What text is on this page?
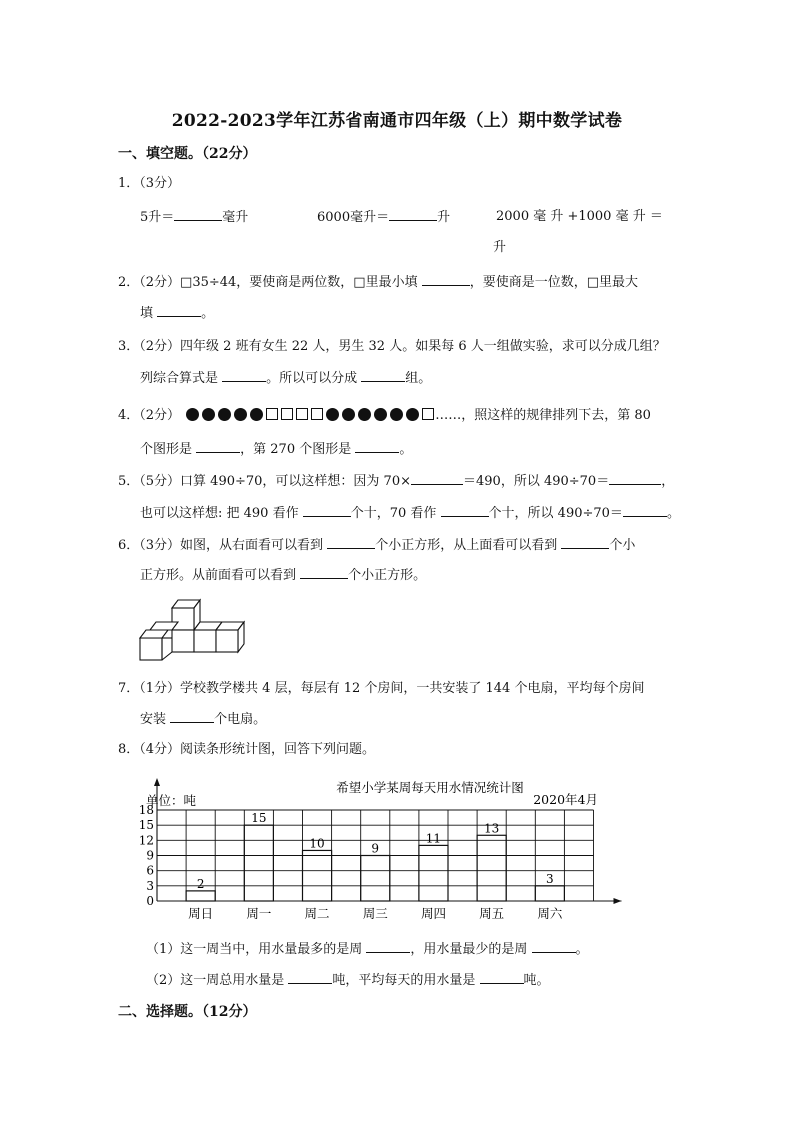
2022-2023学年江苏省南通市四年级（上）期中数学试卷
一、填空题。（22分）
1．（3分）
5升＝	毫升	6000毫升＝	升	2000 毫 升 +1000 毫 升 ＝
升
2．（2分）□35÷44，要使商是两位数，□里最小填	，要使商是一位数，□里最大
填	。
3．（2分）四年级 2 班有女生 22 人，男生 32 人。如果每 6 人一组做实验，求可以分成几组？
列综合算式是	。所以可以分成	组。
4．（2分）	……，照这样的规律排列下去，第 80
个图形是	，第 270 个图形是	。
5．（5分）口算 490÷70，可以这样想：因为 70×	＝490，所以 490÷70＝	，
也可以这样想: 把 490 看作	个十，70 看作	个十，所以 490÷70＝	。
6．（3分）如图，从右面看可以看到	个小正方形，从上面看可以看到	个小
正方形。从前面看可以看到	个小正方形。
7．（1分）学校教学楼共 4 层，每层有 12 个房间，一共安装了 144 个电扇，平均每个房间
安装	个电扇。
8．（4分）阅读条形统计图，回答下列问题。
希望小学某周每天用水情况统计图
2020年4月
单位：吨
2
15
10	9
11
13
3
0
3
6
9
12
15
18
周日	周一	周二	周三	周四	周五	周六
（1）这一周当中，用水量最多的是周	，用水量最少的是周	。
（2）这一周总用水量是	吨，平均每天的用水量是	吨。
二、选择题。（12分）
